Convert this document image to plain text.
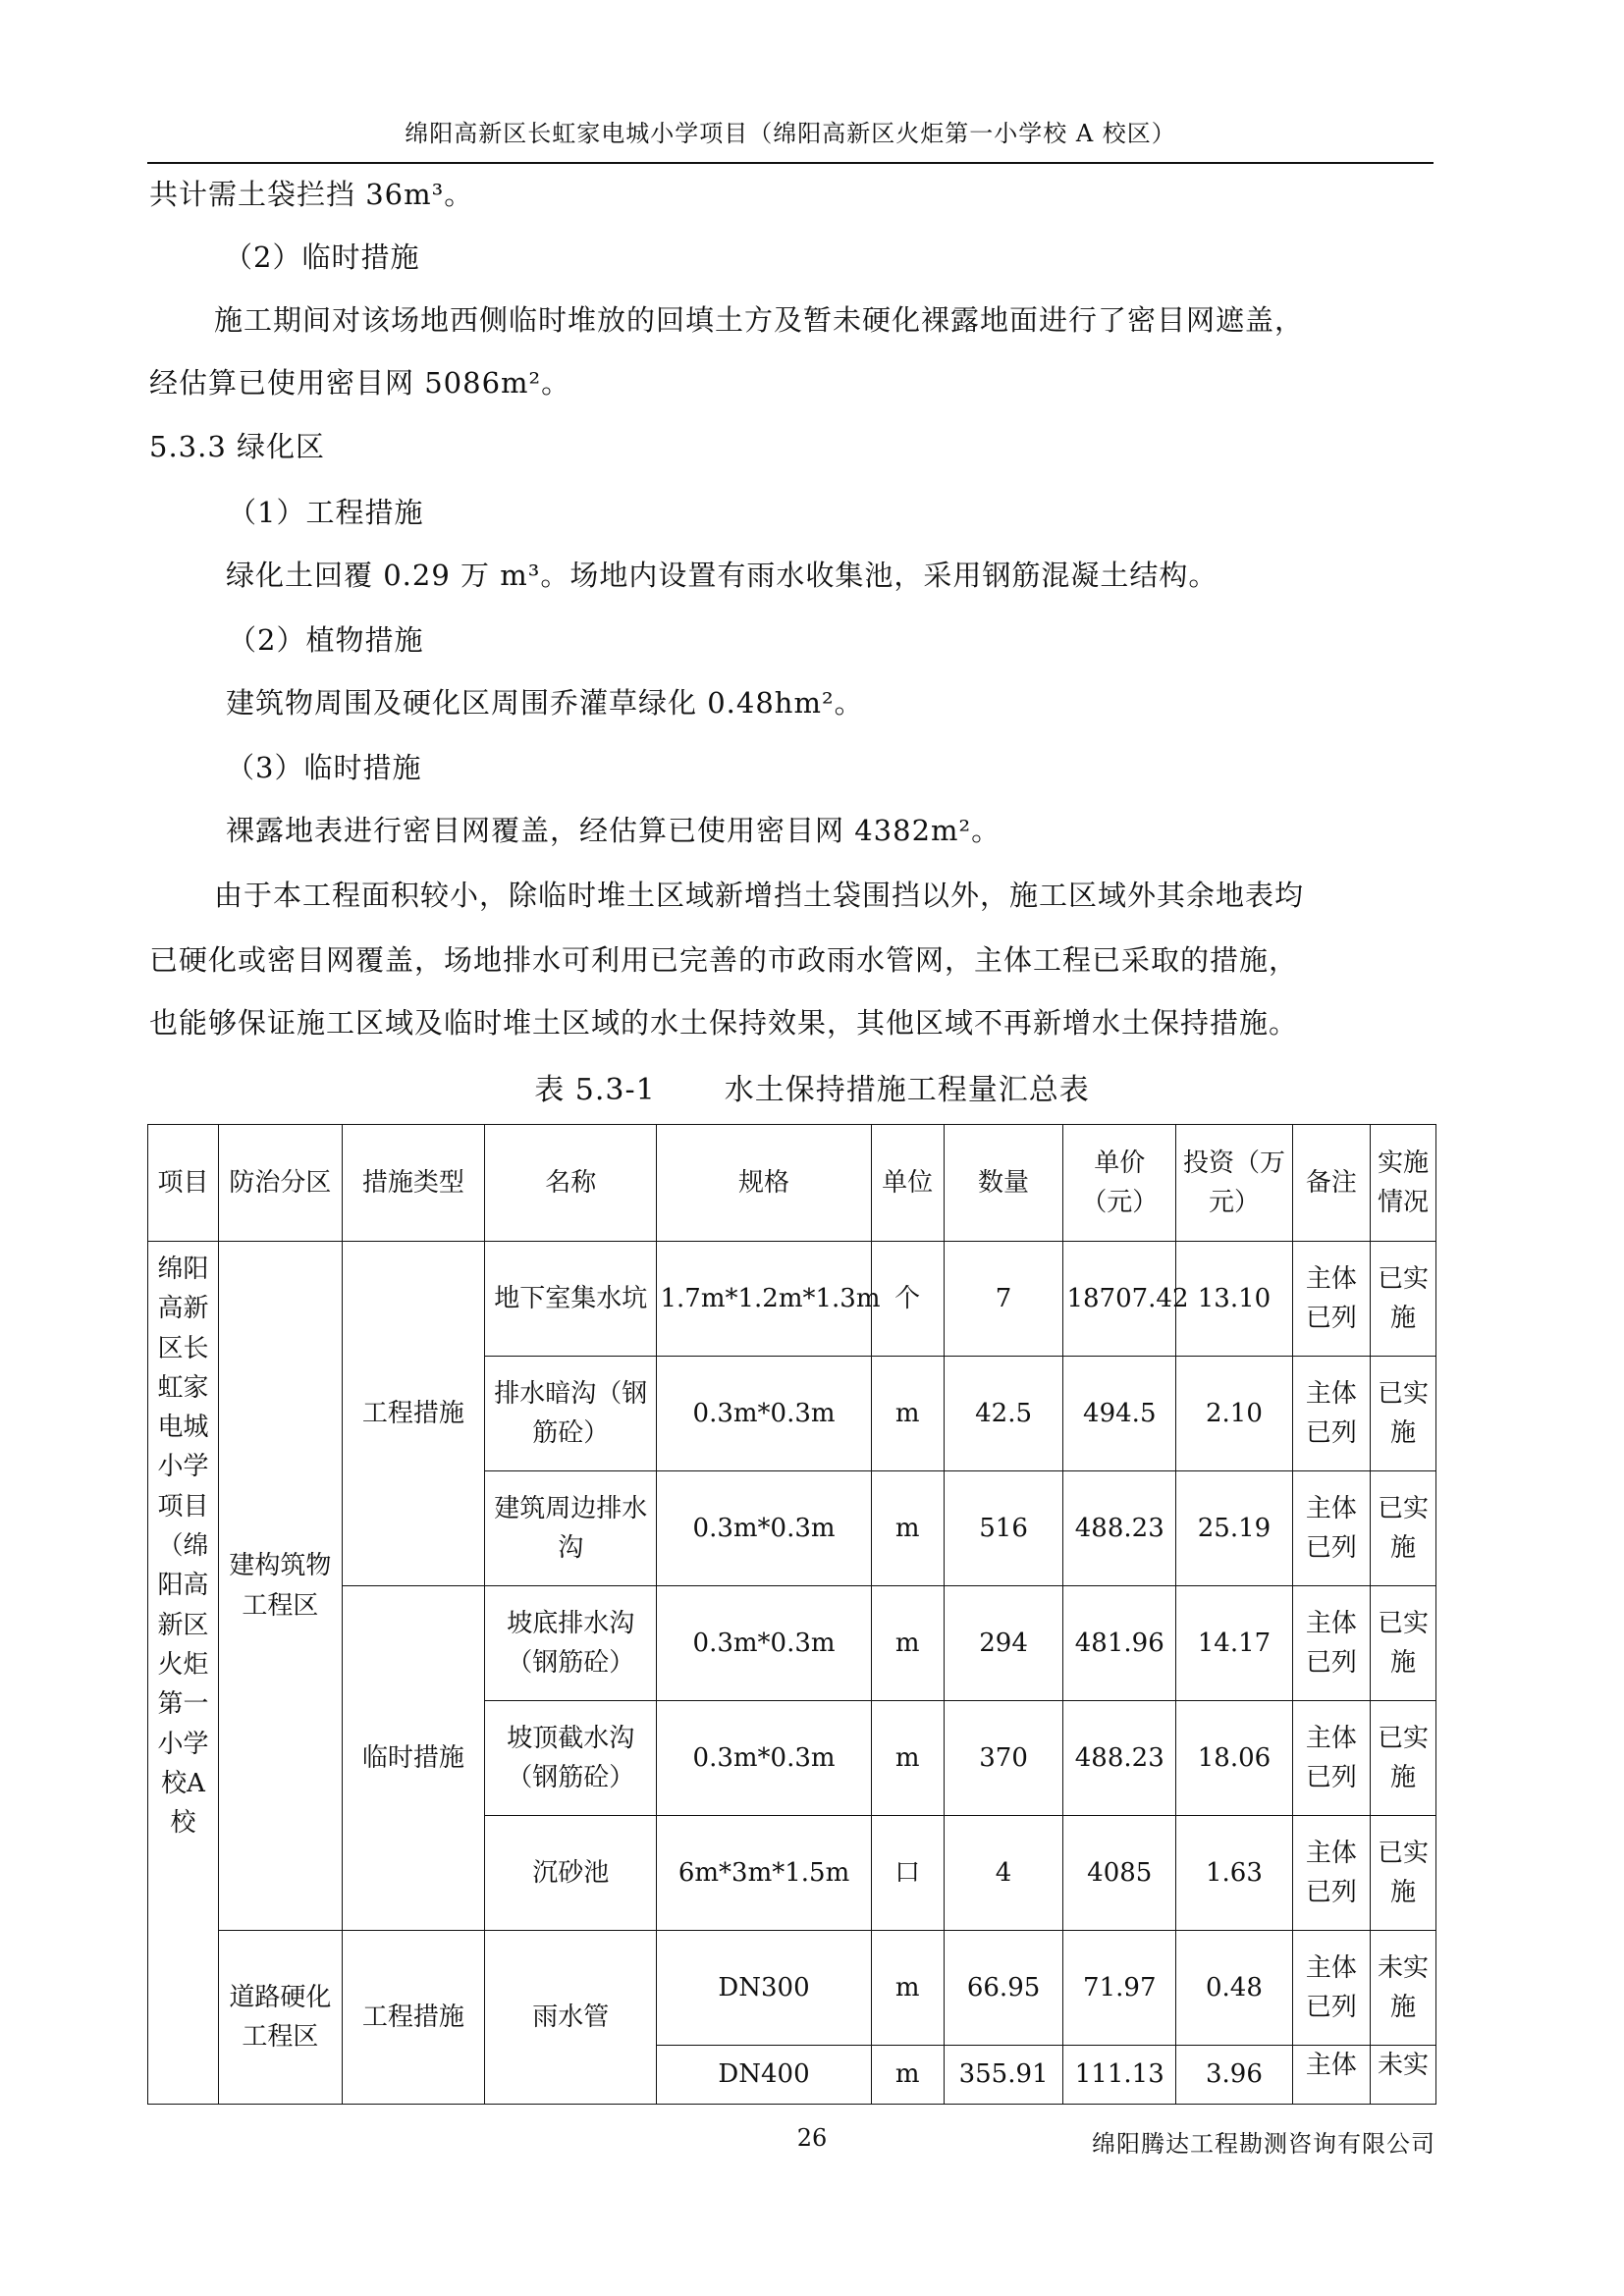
绵阳高新区长虹家电城小学项目（绵阳高新区火炬第一小学校 A 校区）
共计需土袋拦挡 36m³。
（2）临时措施
施工期间对该场地西侧临时堆放的回填土方及暂未硬化裸露地面进行了密目网遮盖，
经估算已使用密目网 5086m²。
5.3.3 绿化区
（1）工程措施
绿化土回覆 0.29 万 m³。场地内设置有雨水收集池，采用钢筋混凝土结构。
（2）植物措施
建筑物周围及硬化区周围乔灌草绿化 0.48hm²。
（3）临时措施
裸露地表进行密目网覆盖，经估算已使用密目网 4382m²。
由于本工程面积较小，除临时堆土区域新增挡土袋围挡以外，施工区域外其余地表均
已硬化或密目网覆盖，场地排水可利用已完善的市政雨水管网，主体工程已采取的措施，
也能够保证施工区域及临时堆土区域的水土保持效果，其他区域不再新增水土保持措施。
表 5.3-1 水土保持措施工程量汇总表
项目	防治分区	措施类型	名称	规格	单位	数量	单价（元）	投资（万元）	备注	实施情况
绵阳高新区长虹家电城小学项目（绵阳高新区火炬第一小学校A校	建构筑物工程区	工程措施	地下室集水坑	1.7m*1.2m*1.3m	个	7	18707.42	13.10	主体已列	已实施
			排水暗沟（钢筋砼）	0.3m*0.3m	m	42.5	494.5	2.10	主体已列	已实施
			建筑周边排水沟	0.3m*0.3m	m	516	488.23	25.19	主体已列	已实施
		临时措施	坡底排水沟（钢筋砼）	0.3m*0.3m	m	294	481.96	14.17	主体已列	已实施
			坡顶截水沟（钢筋砼）	0.3m*0.3m	m	370	488.23	18.06	主体已列	已实施
			沉砂池	6m*3m*1.5m	口	4	4085	1.63	主体已列	已实施
	道路硬化工程区	工程措施	雨水管	DN300	m	66.95	71.97	0.48	主体已列	未实施
				DN400	m	355.91	111.13	3.96	主体	未实
26	绵阳腾达工程勘测咨询有限公司
